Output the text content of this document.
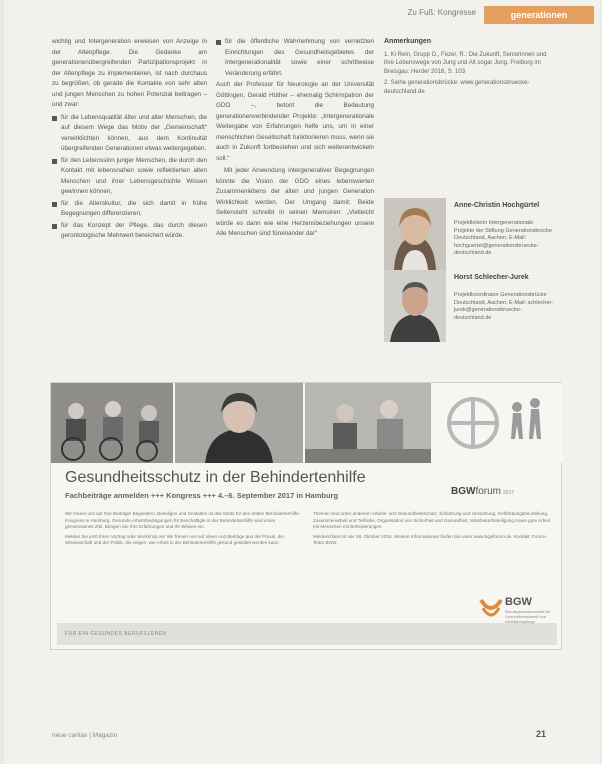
Zu Fuß: Kongresse	generationen

wichtig und Intergeneration erweisen von Anzeige in der Altenpflege. Die Gedanke am generationenübergreifenden Partizipationsprojekt in der Altenpflege zu implementieren, ist nach durchaus zu begrüßen, ob gerade die Kontakte von sehr alten und jungen Menschen zu hohen Potenzial beitragen – und zwar:

für die Lebensqualität älter und alter Menschen, die auf diesem Wege das Motiv der „Gemeinschaft“ verwirklichten können, aus dem Kontinuität übergreifenden Generationen etwas weitergegeben,
für den Lebenssinn junger Menschen, die durch den Kontakt mit lebensnahen sowie reflektierten alten Menschen und ihrer Lebensgeschichte Wissen gewinnen können,
für die Alterskultur, die sich damit in frühe Begegnungen differenzieren,
für das Konzept der Pflege, das durch diesen gerontologische Mehrwert bereichert würde.
für die öffentliche Wahrnehmung von vernetzten Einrichtungen des Gesundheitsgebietes der Intergenerationalität sowie einer schrittweise Veränderung erfährt.

Auch der Professor für Neurologie an der Universität Göttingen, Gerald Hüther – ehemalig Schirmpatron der GDO –, betont die Bedeutung generationenverbindender Projekte: „Intergenerationale Weitergabe von Erfahrungen helfe uns, um in einer menschlichen Gesellschaft funktionieren muss, wenn sie auch in Zukunft fortbestehen und sich weiterentwickeln soll.“

Mit jeder Anwendung intergenerativer Begegnungen könnte die Vision der GDO eines lebenswerten Zusammenlebens der alten und jungen Generation Wirklichkeit werden. Der Umgang damit: Beide Seitensteht schreibt in seinen Memoiren: „Vielleicht würde es dann wie eine Herzensbeziehungen unsere Alle Menschen sind füreinander da!“

Anmerkungen
1. Ki Rein, Grupp D., Fezer, R.: Die Zukunft, Seniorinnen und ihre Lebenswege von Jung und Alt sogar Jung. Freiburg im Breisgau: Herder 2016, S. 103
2. Siehe generationsbrücke: www.generationsbruecke-deutschland.de
Anne-Christin Hochgürtel
Projektleiterin Intergenerationale Projekte der Stiftung Generationsbrücke Deutschland, Aachen. E-Mail: hochguertel@generationsbruecke-deutschland.de
Horst Schlecher-Jurek
Projektkoordinator Generationsbrücke Deutschland, Aachen. E-Mail: schlecher-jurek@generationsbruecke-deutschland.de
Gesundheitsschutz in der Behindertenhilfe
Fachbeiträge anmelden +++ Kongress +++ 4.–6. September 2017 in Hamburg	BGWforum 2017

Wir freuen uns auf Ihre Beiträge! Begeistern, Beteiligen und Gestalten ist das Motto für den dritten Behindertenhilfe-Kongress in Hamburg. Gesunde Arbeitsbedingungen für Beschäftigte in der Behindertenhilfe sind unser gemeinsames Ziel. Bringen Sie Ihre Erfahrungen und Ihr Wissen ein.

Melden Sie jetzt Ihren Vortrag oder Workshop an! Wir freuen uns auf Ideen und Beiträge aus der Praxis, der Wissenschaft und der Politik, die zeigen, wie Arbeit in der Behindertenhilfe gesund gestaltet werden kann.

Themen sind unter anderem Arbeits- und Gesundheitsschutz, Einführung und Umsetzung, Gefährdungsbeurteilung, Zusammenarbeit und Teilhabe, Organisation von Sicherheit und Gesundheit, Mitarbeiterbeteiligung sowie gute Arbeit mit Menschen mit Behinderungen.

Meldeschluss ist der 28. Oktober 2016. Weitere Informationen finden Sie unter www.bgwforum.de. Kontakt: Forum-Team BGW.

FÜR EIN GESUNDES BERUFSLEBEN
BGW
Berufsgenossenschaft für Gesundheitsdienst und Wohlfahrtspflege
neue caritas | Magazin	21
